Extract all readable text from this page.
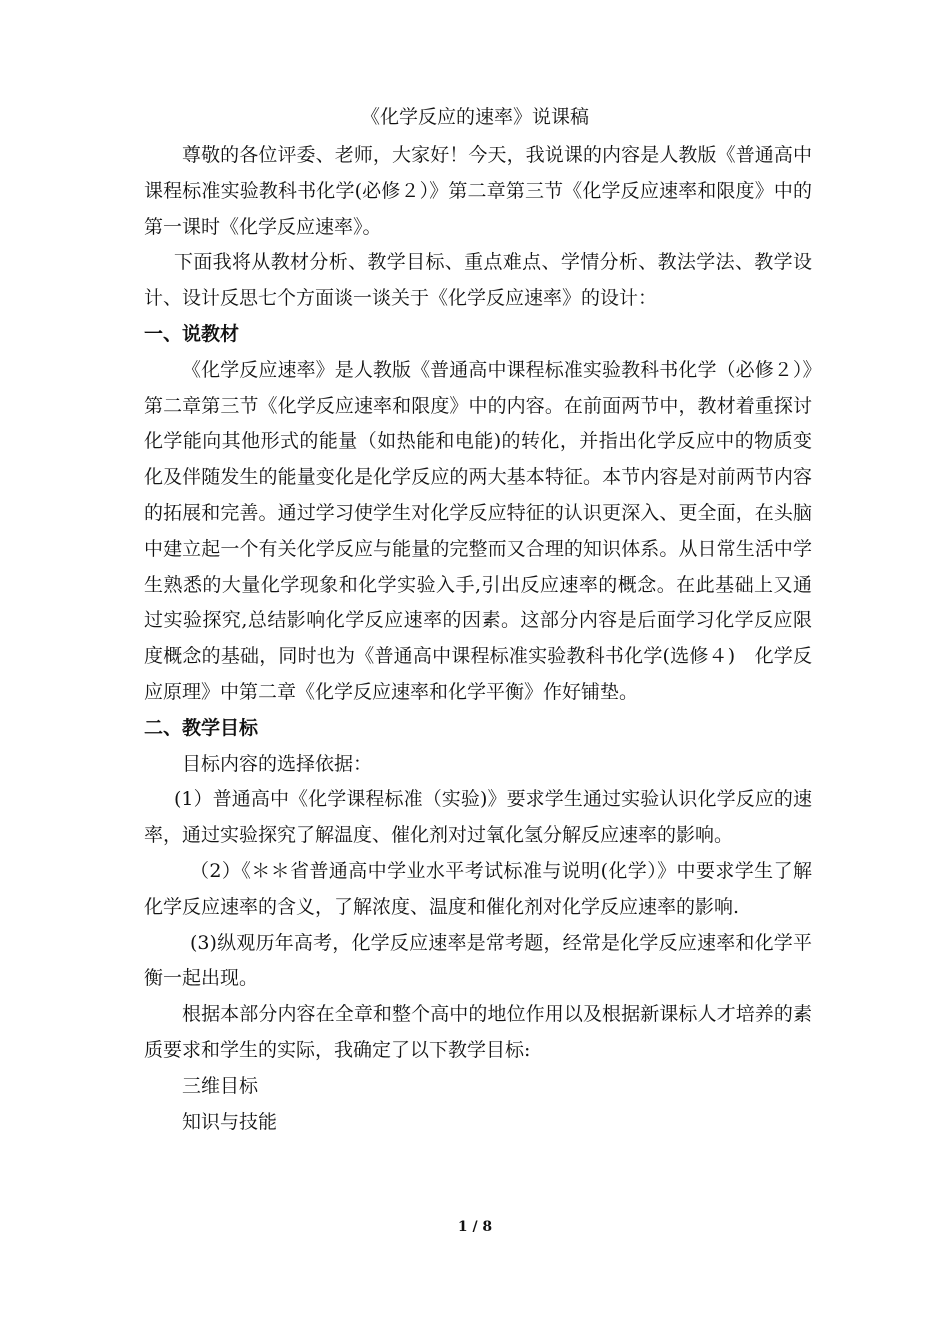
《化学反应的速率》说课稿

尊敬的各位评委、老师，大家好！今天，我说课的内容是人教版《普通高中课程标准实验教科书化学(必修２）》第二章第三节《化学反应速率和限度》中的第一课时《化学反应速率》。

下面我将从教材分析、教学目标、重点难点、学情分析、教法学法、教学设计、设计反思七个方面谈一谈关于《化学反应速率》的设计：

一、说教材

《化学反应速率》是人教版《普通高中课程标准实验教科书化学（必修２）》第二章第三节《化学反应速率和限度》中的内容。在前面两节中，教材着重探讨化学能向其他形式的能量（如热能和电能)的转化，并指出化学反应中的物质变化及伴随发生的能量变化是化学反应的两大基本特征。本节内容是对前两节内容的拓展和完善。通过学习使学生对化学反应特征的认识更深入、更全面，在头脑中建立起一个有关化学反应与能量的完整而又合理的知识体系。从日常生活中学生熟悉的大量化学现象和化学实验入手,引出反应速率的概念。在此基础上又通过实验探究,总结影响化学反应速率的因素。这部分内容是后面学习化学反应限度概念的基础，同时也为《普通高中课程标准实验教科书化学(选修４)　化学反应原理》中第二章《化学反应速率和化学平衡》作好铺垫。

二、教学目标

目标内容的选择依据：

(1）普通高中《化学课程标准（实验)》要求学生通过实验认识化学反应的速率，通过实验探究了解温度、催化剂对过氧化氢分解反应速率的影响。

（2）《＊＊省普通高中学业水平考试标准与说明(化学）》中要求学生了解化学反应速率的含义，了解浓度、温度和催化剂对化学反应速率的影响.

(3)纵观历年高考，化学反应速率是常考题，经常是化学反应速率和化学平衡一起出现。

根据本部分内容在全章和整个高中的地位作用以及根据新课标人才培养的素质要求和学生的实际，我确定了以下教学目标:

三维目标

知识与技能

1 / 8
